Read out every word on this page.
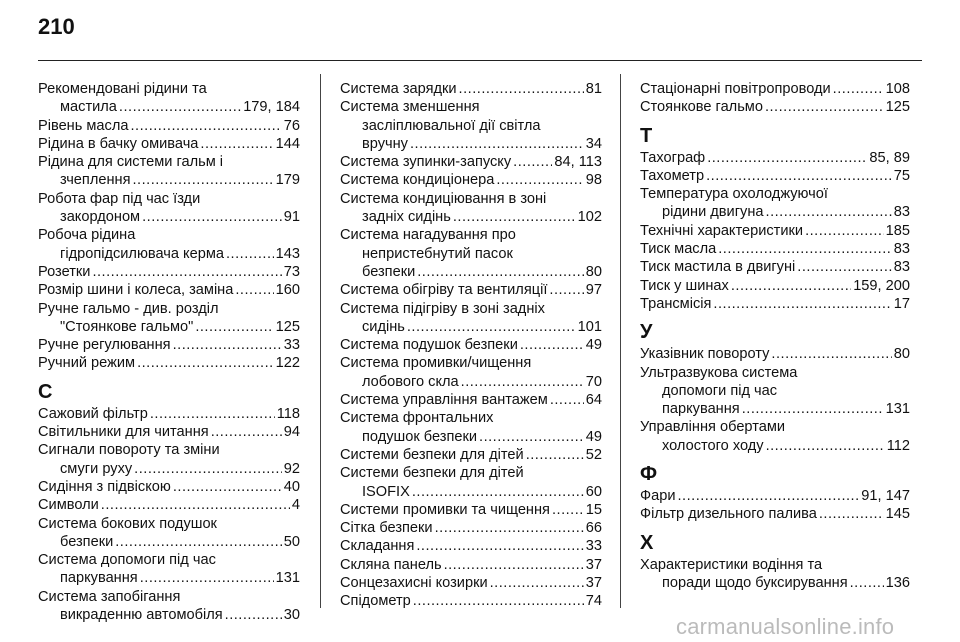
210
Рекомендовані рідини та
мастила .....	179, 184
Рівень масла .....	76
Рідина в бачку омивача .....	144
Рідина для системи гальм і
зчеплення .....	179
Робота фар під час їзди
закордоном .....	91
Робоча рідина
гідропідсилювача керма .....	143
Розетки .....	73
Розмір шини і колеса, заміна .....	160
Ручне гальмо - див. розділ
"Стоянкове гальмо" .....	125
Ручне регулювання .....	33
Ручний режим .....	122
С
Сажовий фільтр .....	118
Світильники для читання .....	94
Сигнали повороту та зміни
смуги руху .....	92
Сидіння з підвіскою .....	40
Символи .....	4
Система бокових подушок
безпеки .....	50
Система допомоги під час
паркування .....	131
Система запобігання
викраденню автомобіля .....	30
Система зарядки .....	81
Система зменшення
засліплювальної дії світла
вручну .....	34
Система зупинки-запуску .....	84, 113
Система кондиціонера .....	98
Система кондиціювання в зоні
задніх сидінь .....	102
Система нагадування про
непристебнутий пасок
безпеки .....	80
Система обігріву та вентиляції .....	97
Система підігріву в зоні задніх
сидінь .....	101
Система подушок безпеки .....	49
Система промивки/чищення
лобового скла .....	70
Система управління вантажем .....	64
Система фронтальних
подушок безпеки .....	49
Системи безпеки для дітей .....	52
Системи безпеки для дітей
ISOFIX .....	60
Системи промивки та чищення ..... 15
Сітка безпеки .....	66
Складання .....	33
Скляна панель .....	37
Сонцезахисні козирки .....	37
Спідометр .....	74
Стаціонарні повітропроводи .....	108
Стоянкове гальмо .....	125
Т
Тахограф .....	85, 89
Тахометр .....	75
Температура охолоджуючої
рідини двигуна .....	83
Технічні характеристики .....	185
Тиск масла .....	83
Тиск мастила в двигуні .....	83
Тиск у шинах .....	159, 200
Трансмісія .....	17
У
Указівник повороту .....	80
Ультразвукова система
допомоги під час
паркування .....	131
Управління обертами
холостого ходу .....	112
Ф
Фари .....	91, 147
Фільтр дизельного палива .....	145
Х
Характеристики водіння та
поради щодо буксирування .....	136
carmanualsonline.info
